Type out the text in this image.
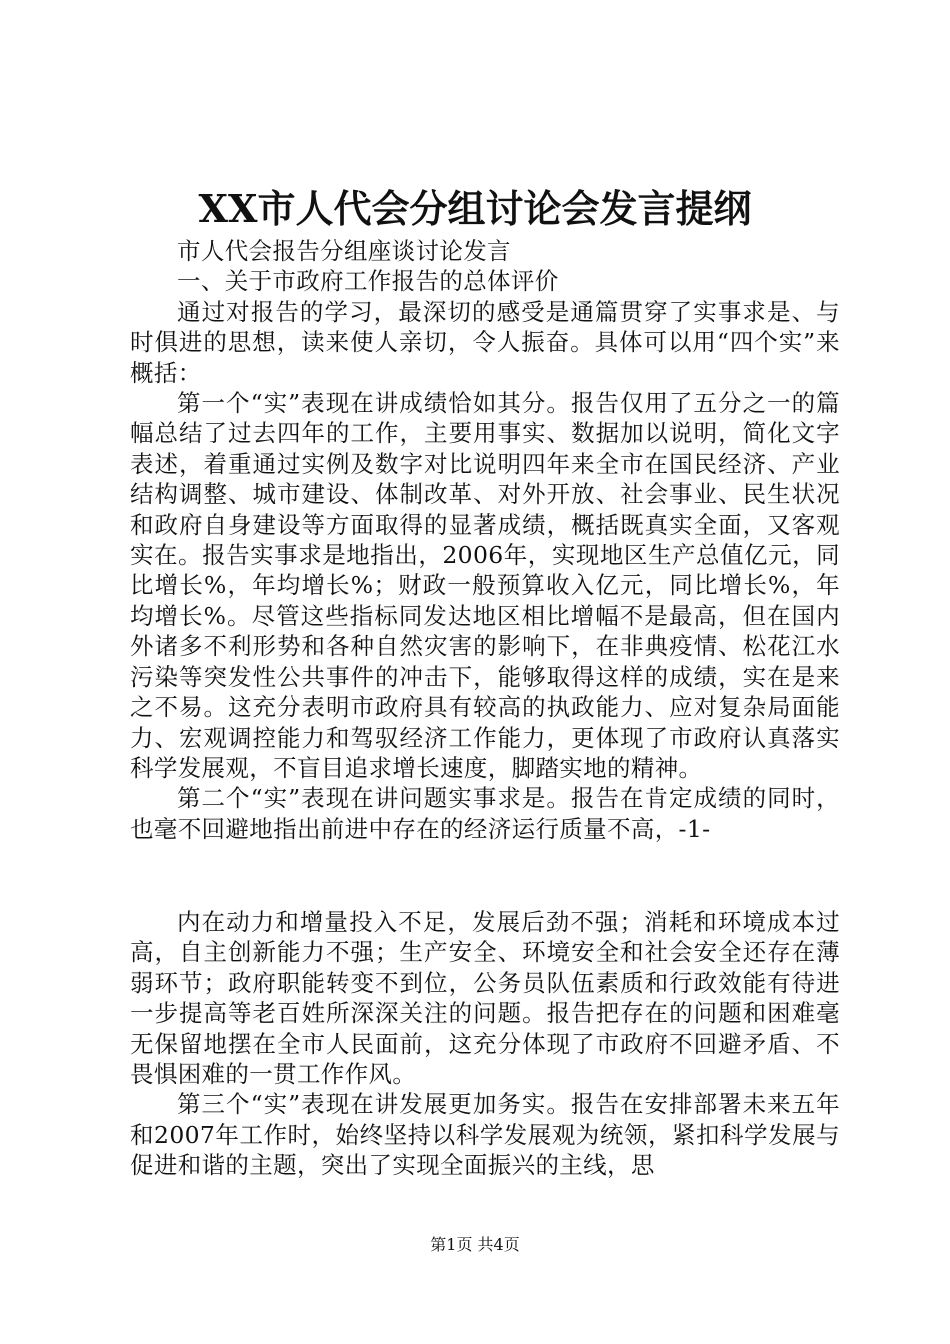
XX市人代会分组讨论会发言提纲

市人代会报告分组座谈讨论发言

一、关于市政府工作报告的总体评价

通过对报告的学习，最深切的感受是通篇贯穿了实事求是、与时俱进的思想，读来使人亲切，令人振奋。具体可以用“四个实”来概括：

第一个“实”表现在讲成绩恰如其分。报告仅用了五分之一的篇幅总结了过去四年的工作，主要用事实、数据加以说明，简化文字表述，着重通过实例及数字对比说明四年来全市在国民经济、产业结构调整、城市建设、体制改革、对外开放、社会事业、民生状况和政府自身建设等方面取得的显著成绩，概括既真实全面，又客观实在。报告实事求是地指出，2006年，实现地区生产总值亿元，同比增长%，年均增长%；财政一般预算收入亿元，同比增长%，年均增长%。尽管这些指标同发达地区相比增幅不是最高，但在国内外诸多不利形势和各种自然灾害的影响下，在非典疫情、松花江水污染等突发性公共事件的冲击下，能够取得这样的成绩，实在是来之不易。这充分表明市政府具有较高的执政能力、应对复杂局面能力、宏观调控能力和驾驭经济工作能力，更体现了市政府认真落实科学发展观，不盲目追求增长速度，脚踏实地的精神。

第二个“实”表现在讲问题实事求是。报告在肯定成绩的同时，也毫不回避地指出前进中存在的经济运行质量不高，-1-

内在动力和增量投入不足，发展后劲不强；消耗和环境成本过高，自主创新能力不强；生产安全、环境安全和社会安全还存在薄弱环节；政府职能转变不到位，公务员队伍素质和行政效能有待进一步提高等老百姓所深深关注的问题。报告把存在的问题和困难毫无保留地摆在全市人民面前，这充分体现了市政府不回避矛盾、不畏惧困难的一贯工作作风。

第三个“实”表现在讲发展更加务实。报告在安排部署未来五年和2007年工作时，始终坚持以科学发展观为统领，紧扣科学发展与促进和谐的主题，突出了实现全面振兴的主线，思

第1页 共4页
